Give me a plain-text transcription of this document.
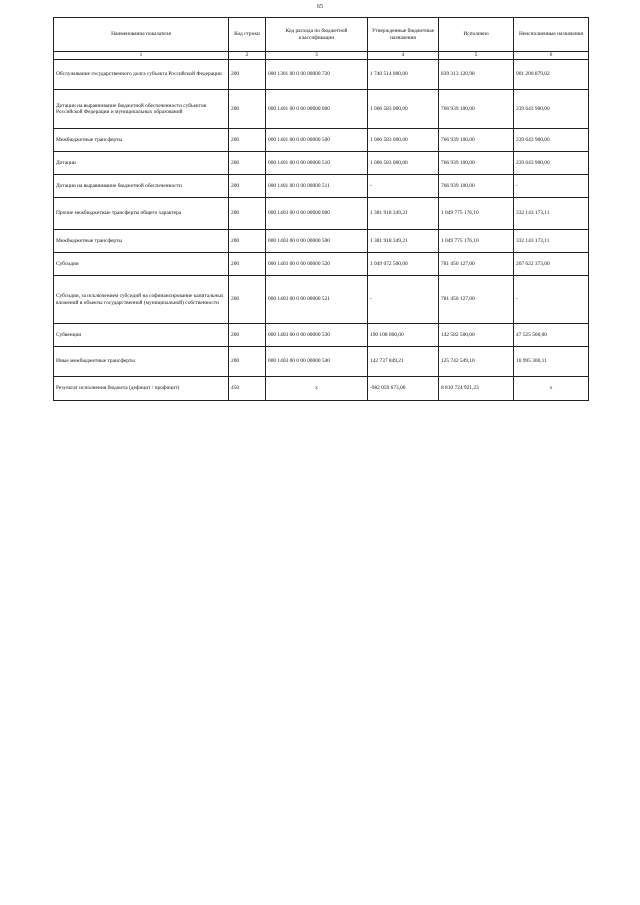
65
Наименование показателя	Код строки	Код расхода по бюджетной классификации	Утвержденные бюджетные назначения	Исполнено	Неисполненные назначения
1	2	3	4	5	6
Обслуживание государственного долга субъекта Российской Федерации	200	000 1301 00 0 00 00000 720	1 740 514 000,00	839 313 120,98	901 200 879,02
Дотации на выравнивание бюджетной обеспеченности субъектов Российской Федерации и муниципальных образований	200	000 1401 00 0 00 00000 000	1 006 583 000,00	766 939 100,00	239 643 900,00
Межбюджетные трансферты	200	000 1401 00 0 00 00000 500	1 006 583 000,00	766 939 100,00	239 643 900,00
Дотации	200	000 1401 00 0 00 00000 510	1 006 583 000,00	766 939 100,00	239 643 900,00
Дотации на выравнивание бюджетной обеспеченности	200	000 1401 00 0 00 00000 511	-	766 939 100,00	-
Прочие межбюджетные трансферты общего характера	200	000 1403 00 0 00 00000 000	1 381 918 349,21	1 049 775 176,10	332 143 173,11
Межбюджетные трансферты	200	000 1403 00 0 00 00000 500	1 381 918 349,21	1 049 775 176,10	332 143 173,11
Субсидии	200	000 1403 00 0 00 00000 520	1 049 072 500,00	781 450 127,00	267 622 373,00
Субсидии, за исключением субсидий на софинансирование капитальных вложений в объекты государственной (муниципальной) собственности	200	000 1403 00 0 00 00000 521	-	781 450 127,00	-
Субвенции	200	000 1403 00 0 00 00000 530	190 108 000,00	142 582 500,00	47 525 500,00
Иные межбюджетные трансферты	200	000 1403 00 0 00 00000 540	142 737 849,21	125 742 549,10	16 995 300,11
Результат исполнения бюджета (дефицит / профицит)	450	x	-982 059 673,00	8 810 724 921,23	x
